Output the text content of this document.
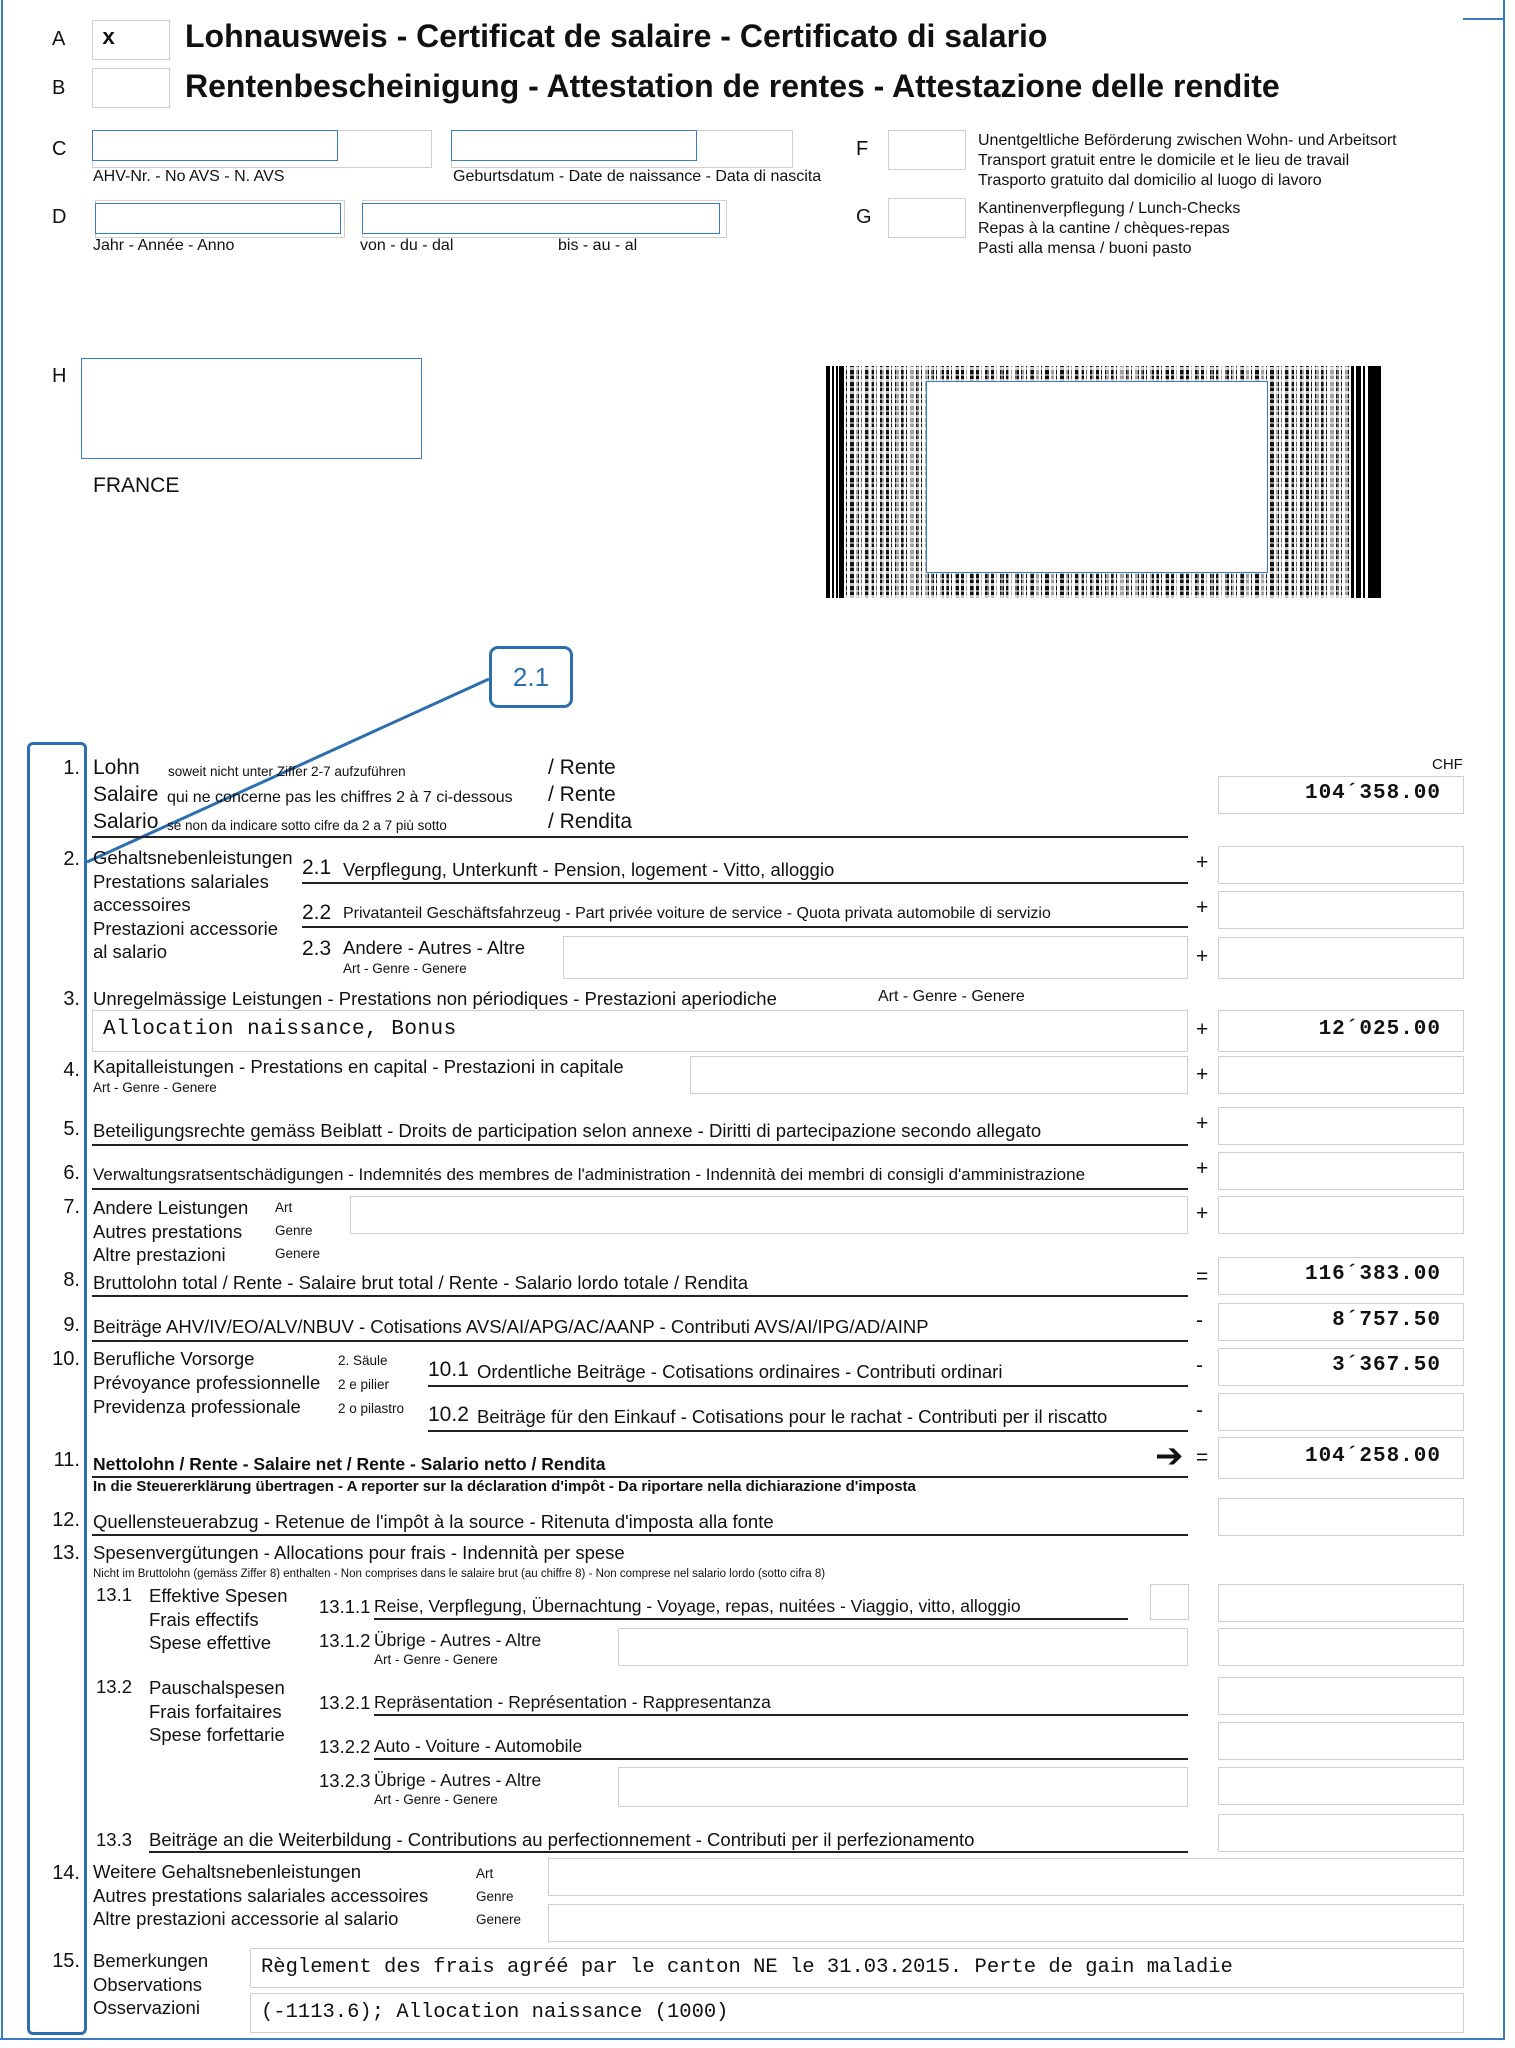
A x Lohnausweis - Certificat de salaire - Certificato di salario
B	Rentenbescheinigung - Attestation de rentes - Attestazione delle rendite
C
AHV-Nr. - No AVS - N. AVS	Geburtsdatum - Date de naissance - Data di nascita
D
Jahr - Année - Anno	von - du - dal	bis - au - al
F	Unentgeltliche Beförderung zwischen Wohn- und Arbeitsort
Transport gratuit entre le domicile et le lieu de travail
Trasporto gratuito dal domicilio al luogo di lavoro
G	Kantinenverpflegung / Lunch-Checks
Repas à la cantine / chèques-repas
Pasti alla mensa / buoni pasto
H
FRANCE
2.1
CHF
1. Lohn soweit nicht unter Ziffer 2-7 aufzuführen	/ Rente
Salaire qui ne concerne pas les chiffres 2 à 7 ci-dessous / Rente
Salario se non da indicare sotto cifre da 2 a 7 più sotto	/ Rendita
104´358.00
2. Gehaltsnebenleistungen
Prestations salariales
accessoires
Prestazioni accessorie
al salario
2.1 Verpflegung, Unterkunft - Pension, logement - Vitto, alloggio	+
2.2 Privatanteil Geschäftsfahrzeug - Part privée voiture de service - Quota privata automobile di servizio	+
2.3 Andere - Autres - Altre
Art - Genre - Genere
+
3. Unregelmässige Leistungen - Prestations non périodiques - Prestazioni aperiodiche	Art - Genre - Genere
Allocation naissance, Bonus	+	12´025.00
4. Kapitalleistungen - Prestations en capital - Prestazioni in capitale
Art - Genre - Genere
+
5. Beteiligungsrechte gemäss Beiblatt - Droits de participation selon annexe - Diritti di partecipazione secondo allegato	+
6. Verwaltungsratsentschädigungen - Indemnités des membres de l'administration - Indennità dei membri di consigli d'amministrazione	+
7. Andere Leistungen
Autres prestations
Altre prestazioni
Art
Genre
Genere
+
8. Bruttolohn total / Rente - Salaire brut total / Rente - Salario lordo totale / Rendita	=	116´383.00
9. Beiträge AHV/IV/EO/ALV/NBUV - Cotisations AVS/AI/APG/AC/AANP - Contributi AVS/AI/IPG/AD/AINP	-	8´757.50
10. Berufliche Vorsorge
Prévoyance professionnelle
Previdenza professionale
2. Säule
2 e pilier
2 o pilastro
10.1 Ordentliche Beiträge - Cotisations ordinaires - Contributi ordinari	-	3´367.50
10.2 Beiträge für den Einkauf - Cotisations pour le rachat - Contributi per il riscatto	-
11. Nettolohn / Rente - Salaire net / Rente - Salario netto / Rendita
In die Steuererklärung übertragen - A reporter sur la déclaration d'impôt - Da riportare nella dichiarazione d'imposta
➔ =	104´258.00
12. Quellensteuerabzug - Retenue de l'impôt à la source - Ritenuta d'imposta alla fonte
13. Spesenvergütungen - Allocations pour frais - Indennità per spese
Nicht im Bruttolohn (gemäss Ziffer 8) enthalten - Non comprises dans le salaire brut (au chiffre 8) - Non comprese nel salario lordo (sotto cifra 8)
13.1 Effektive Spesen
Frais effectifs
Spese effettive
13.1.1 Reise, Verpflegung, Übernachtung - Voyage, repas, nuitées - Viaggio, vitto, alloggio
13.1.2 Übrige - Autres - Altre
Art - Genre - Genere
13.2 Pauschalspesen
Frais forfaitaires
Spese forfettarie
13.2.1 Repräsentation - Représentation - Rappresentanza
13.2.2 Auto - Voiture - Automobile
13.2.3 Übrige - Autres - Altre
Art - Genre - Genere
13.3 Beiträge an die Weiterbildung - Contributions au perfectionnement - Contributi per il perfezionamento
14. Weitere Gehaltsnebenleistungen
Autres prestations salariales accessoires
Altre prestazioni accessorie al salario
Art
Genre
Genere
15. Bemerkungen
Observations
Osservazioni
Règlement des frais agréé par le canton NE le 31.03.2015. Perte de gain maladie
(-1113.6); Allocation naissance (1000)
